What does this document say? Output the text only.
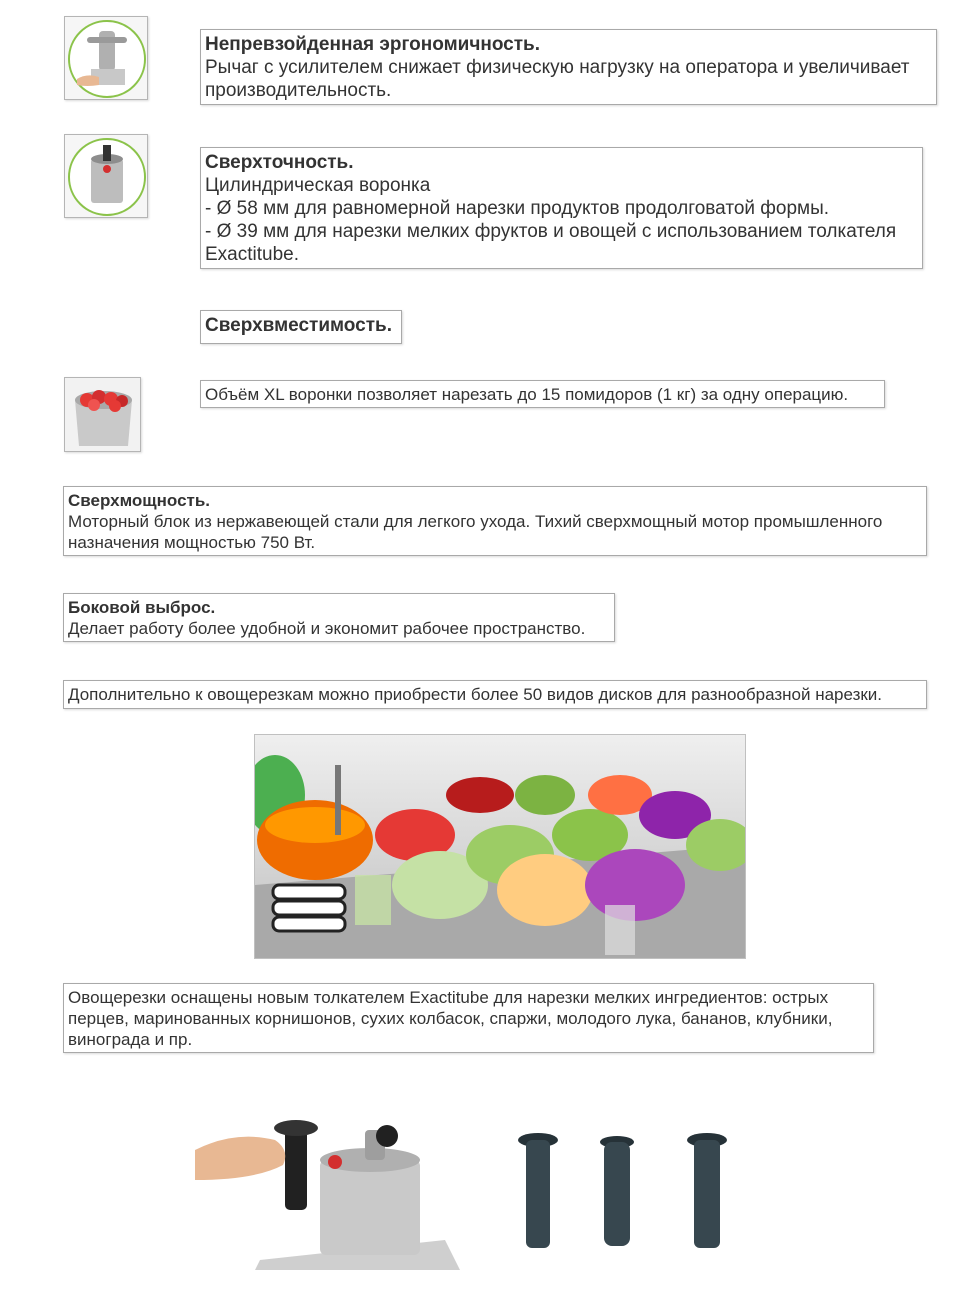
Непревзойденная эргономичность.
Рычаг с усилителем снижает физическую нагрузку на оператора и увеличивает
производительность.
Сверхточность.
Цилиндрическая воронка
- Ø 58 мм для равномерной нарезки продуктов продолговатой формы.
- Ø 39 мм для нарезки мелких фруктов и овощей с использованием толкателя
Exactitube.
Сверхвместимость.
Объём XL воронки позволяет нарезать до 15 помидоров (1 кг) за одну операцию.
Сверхмощность.
Моторный блок из нержавеющей стали для легкого ухода. Тихий сверхмощный мотор промышленного
назначения мощностью 750 Вт.
Боковой выброс.
Делает работу более удобной и экономит рабочее пространство.
Дополнительно к овощерезкам можно приобрести более 50 видов дисков для разнообразной нарезки.
Овощерезки оснащены новым толкателем Exactitube для нарезки мелких ингредиентов: острых
перцев, маринованных корнишонов, сухих колбасок, спаржи, молодого лука, бананов, клубники,
винограда и пр.
